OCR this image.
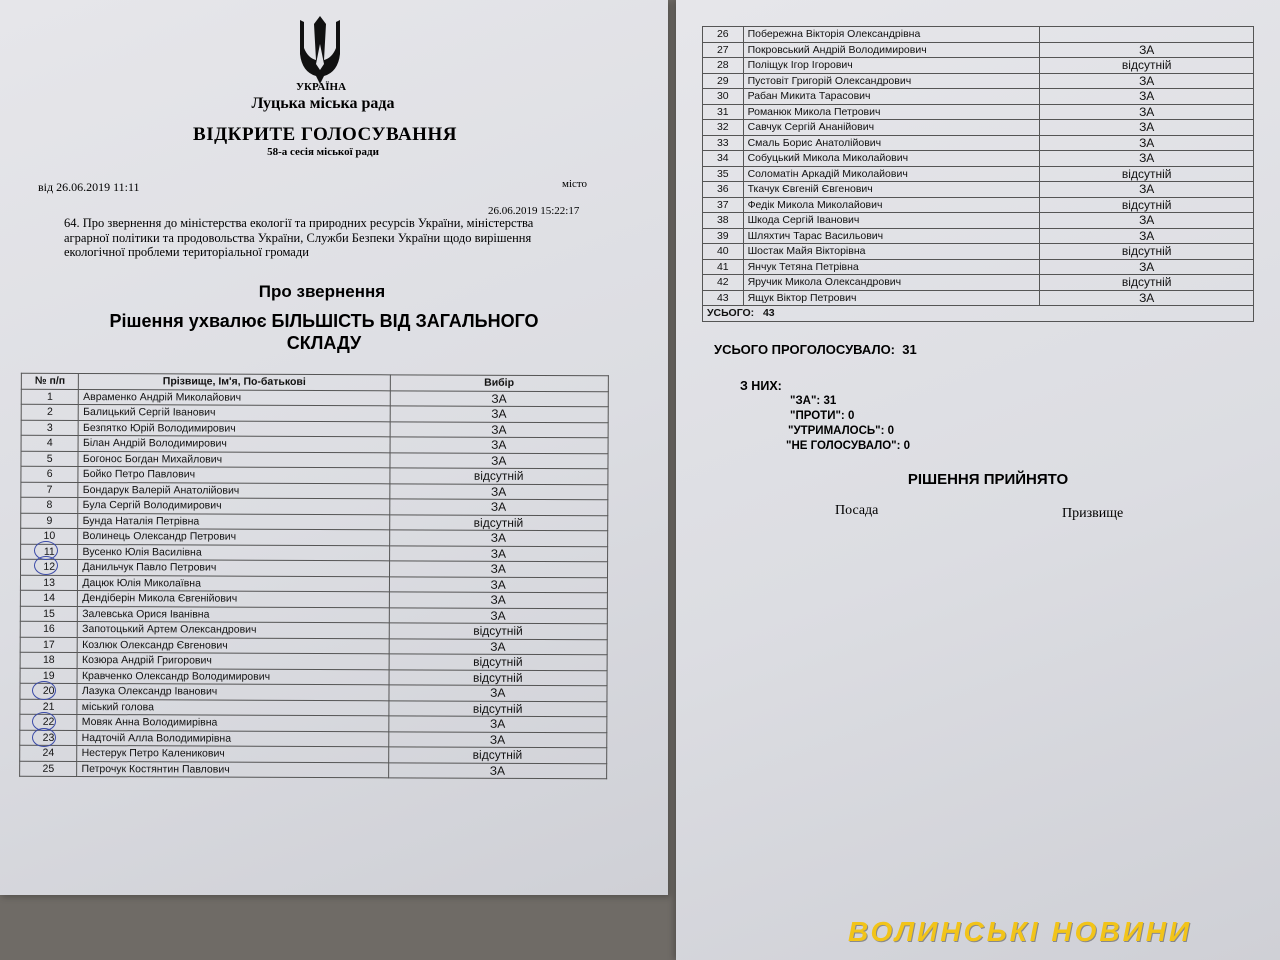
УКРАЇНА
Луцька міська рада
ВІДКРИТЕ ГОЛОСУВАННЯ
58-а сесія міської ради
від 26.06.2019 11:11	місто
26.06.2019 15:22:17
64. Про звернення до міністерства екології та природних ресурсів України, міністерства аграрної політики та продовольства України, Служби Безпеки України щодо вирішення екологічної проблеми територіальної громади
Про звернення
Рішення ухвалює БІЛЬШІСТЬ ВІД ЗАГАЛЬНОГО СКЛАДУ
№ п/п	Прізвище, Ім'я, По-батькові	Вибір
1	Авраменко Андрій Миколайович	ЗА
2	Балицький Сергій Іванович	ЗА
3	Безпятко Юрій Володимирович	ЗА
4	Білан Андрій Володимирович	ЗА
5	Богонос Богдан Михайлович	ЗА
6	Бойко Петро Павлович	відсутній
7	Бондарук Валерій Анатолійович	ЗА
8	Була Сергій Володимирович	ЗА
9	Бунда Наталія Петрівна	відсутній
10	Волинець Олександр Петрович	ЗА
11	Вусенко Юлія Василівна	ЗА
12	Данильчук Павло Петрович	ЗА
13	Дацюк Юлія Миколаївна	ЗА
14	Дендіберін Микола Євгенійович	ЗА
15	Залевська Орися Іванівна	ЗА
16	Запотоцький Артем Олександрович	відсутній
17	Козлюк Олександр Євгенович	ЗА
18	Козюра Андрій Григорович	відсутній
19	Кравченко Олександр Володимирович	відсутній
20	Лазука Олександр Іванович	ЗА
21	міський голова	відсутній
22	Мовяк Анна Володимирівна	ЗА
23	Надточій Алла Володимирівна	ЗА
24	Нестерук Петро Каленикович	відсутній
25	Петрочук Костянтин Павлович	ЗА
26	Побережна Вікторія Олександрівна	
27	Покровський Андрій Володимирович	ЗА
28	Поліщук Ігор Ігорович	відсутній
29	Пустовіт Григорій Олександрович	ЗА
30	Рабан Микита Тарасович	ЗА
31	Романюк Микола Петрович	ЗА
32	Савчук Сергій Ананійович	ЗА
33	Смаль Борис Анатолійович	ЗА
34	Собуцький Микола Миколайович	ЗА
35	Соломатін Аркадій Миколайович	відсутній
36	Ткачук Євгеній Євгенович	ЗА
37	Федік Микола Миколайович	відсутній
38	Шкода Сергій Іванович	ЗА
39	Шляхтич Тарас Васильович	ЗА
40	Шостак Майя Вікторівна	відсутній
41	Янчук Тетяна Петрівна	ЗА
42	Яручик Микола Олександрович	відсутній
43	Ящук Віктор Петрович	ЗА
УСЬОГО: 43		
УСЬОГО ПРОГОЛОСУВАЛО: 31
З НИХ:
"ЗА": 31
"ПРОТИ": 0
"УТРИМАЛОСЬ": 0
"НЕ ГОЛОСУВАЛО": 0
РІШЕННЯ ПРИЙНЯТО
Посада	Призвище
ВОЛИНСЬКІ НОВИНИ
